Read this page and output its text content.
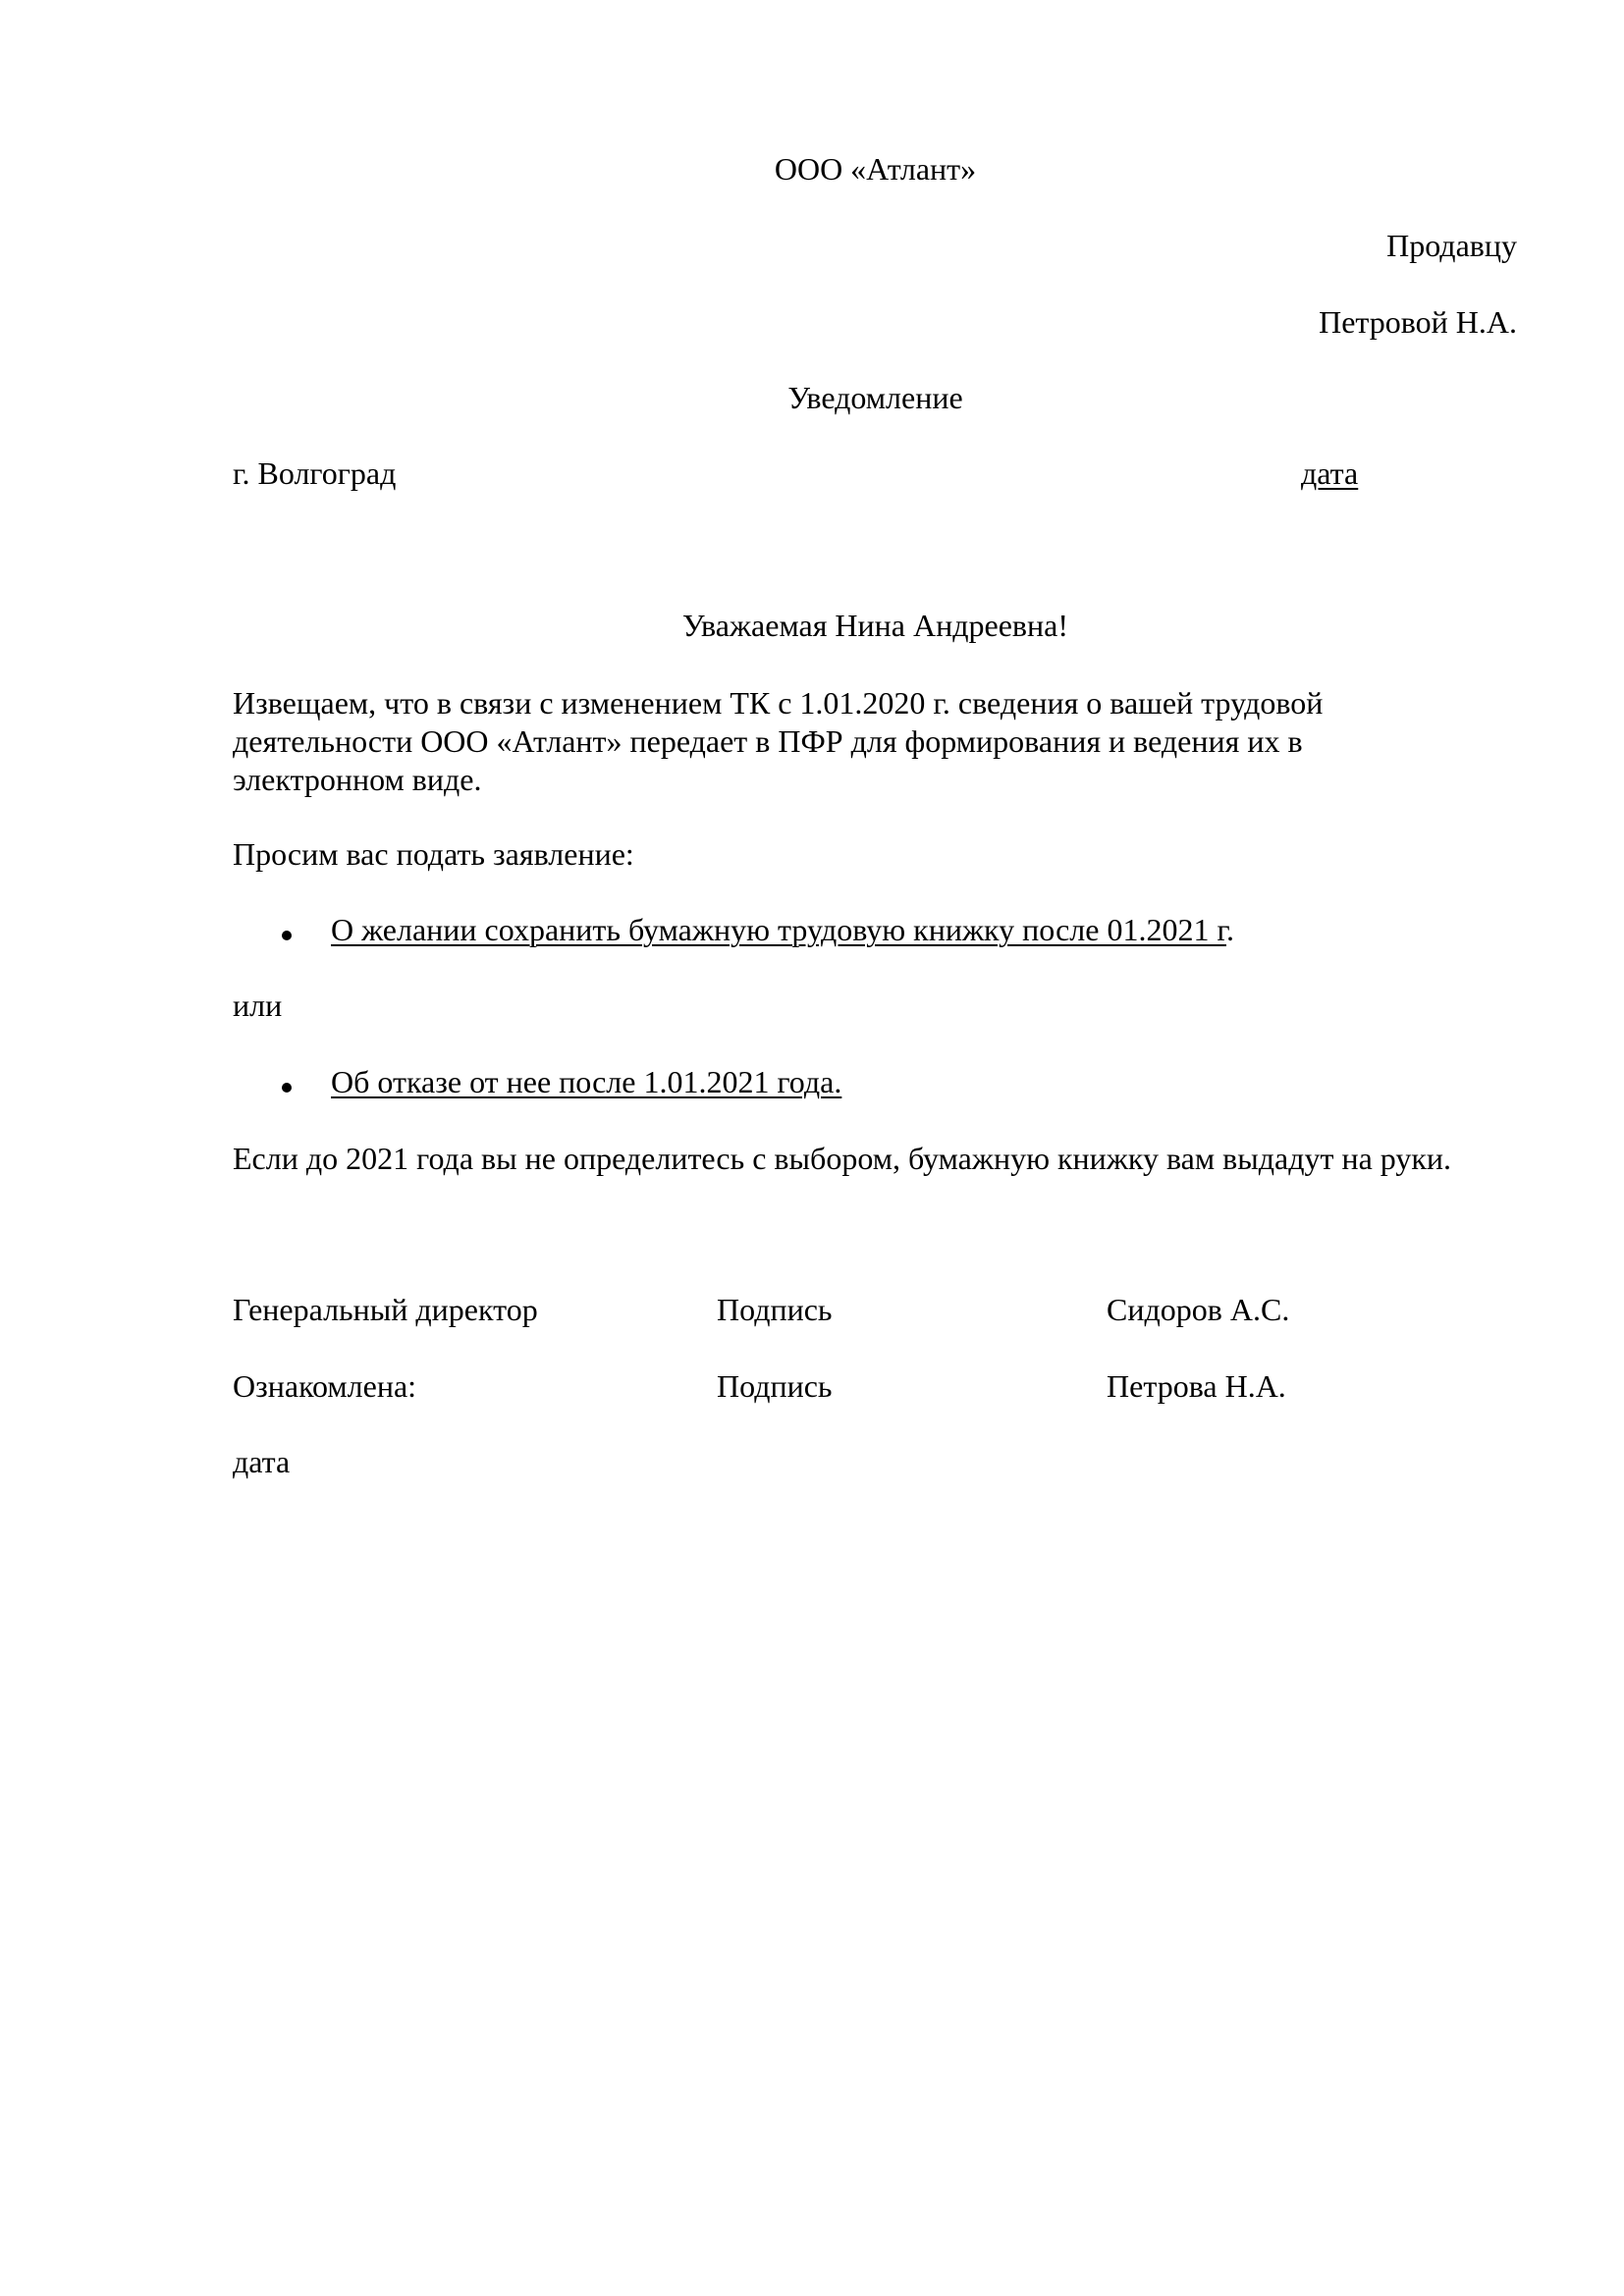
ООО «Атлант»
Продавцу
Петровой Н.А.
Уведомление
г. Волгоград	дата
Уважаемая Нина Андреевна!
Извещаем, что в связи с изменением ТК с 1.01.2020 г. сведения о вашей трудовой
деятельности ООО «Атлант» передает в ПФР для формирования и ведения их в
электронном виде.
Просим вас подать заявление:
О желании сохранить бумажную трудовую книжку после 01.2021 г.
или
Об отказе от нее после 1.01.2021 года.
Если до 2021 года вы не определитесь с выбором, бумажную книжку вам выдадут на руки.
Генеральный директор	Подпись	Сидоров А.С.
Ознакомлена:	Подпись	Петрова Н.А.
дата
